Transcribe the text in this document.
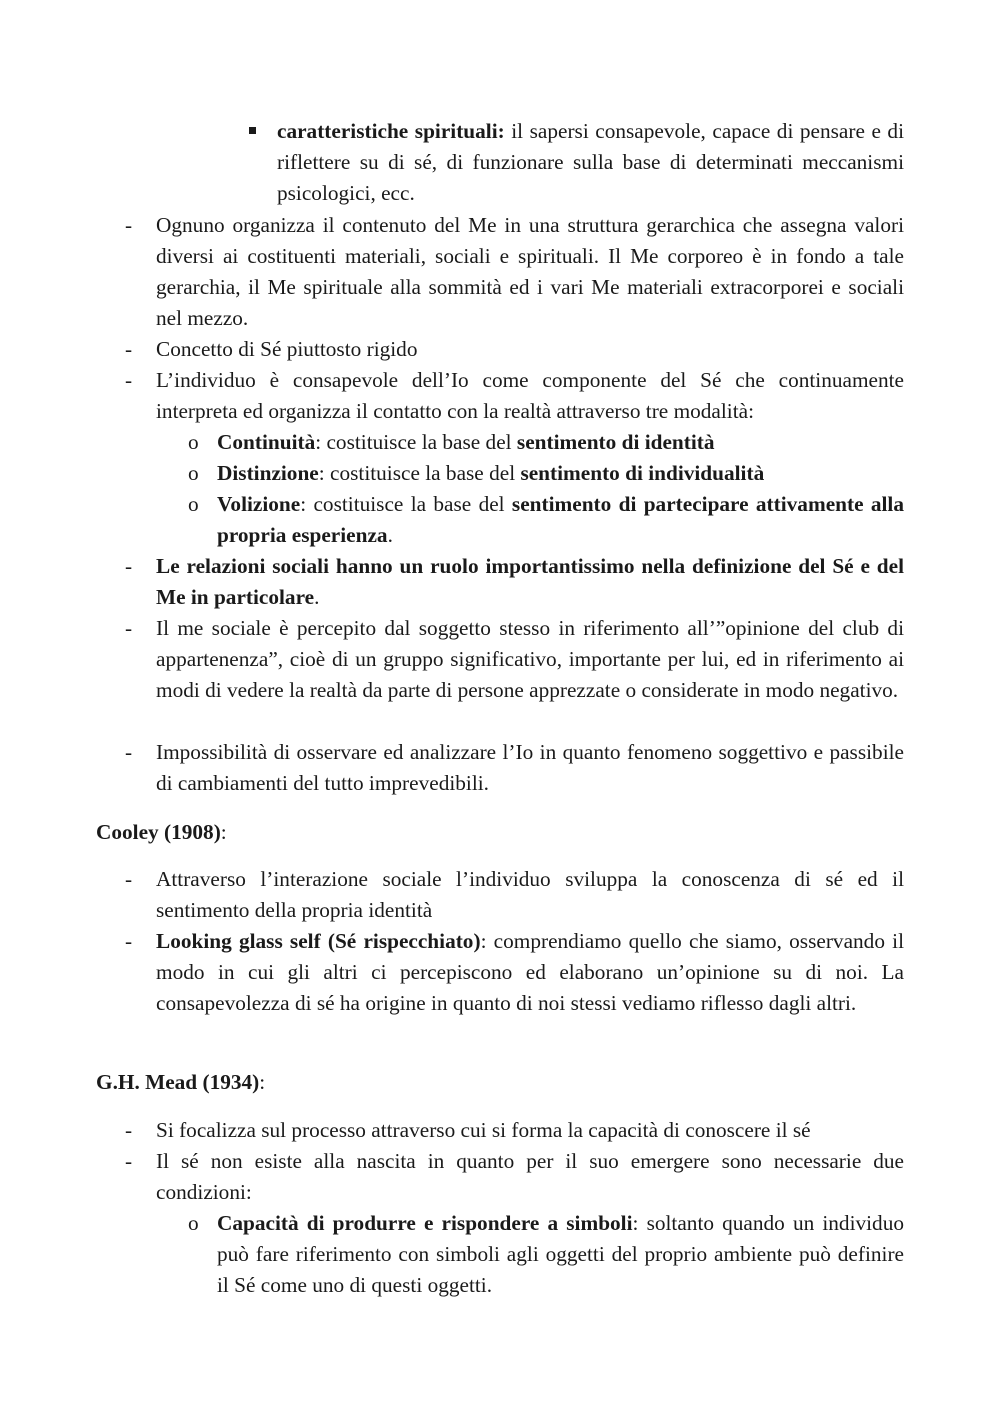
caratteristiche spirituali: il sapersi consapevole, capace di pensare e di riflettere su di sé, di funzionare sulla base di determinati meccanismi psicologici, ecc.
- Ognuno organizza il contenuto del Me in una struttura gerarchica che assegna valori diversi ai costituenti materiali, sociali e spirituali. Il Me corporeo è in fondo a tale gerarchia, il Me spirituale alla sommità ed i vari Me materiali extracorporei e sociali nel mezzo.
- Concetto di Sé piuttosto rigido
- L’individuo è consapevole dell’Io come componente del Sé che continuamente interpreta ed organizza il contatto con la realtà attraverso tre modalità:
o Continuità: costituisce la base del sentimento di identità
o Distinzione: costituisce la base del sentimento di individualità
o Volizione: costituisce la base del sentimento di partecipare attivamente alla propria esperienza.
- Le relazioni sociali hanno un ruolo importantissimo nella definizione del Sé e del Me in particolare.
- Il me sociale è percepito dal soggetto stesso in riferimento all’”opinione del club di appartenenza”, cioè di un gruppo significativo, importante per lui, ed in riferimento ai modi di vedere la realtà da parte di persone apprezzate o considerate in modo negativo.
- Impossibilità di osservare ed analizzare l’Io in quanto fenomeno soggettivo e passibile di cambiamenti del tutto imprevedibili.
Cooley (1908):
- Attraverso l’interazione sociale l’individuo sviluppa la conoscenza di sé ed il sentimento della propria identità
- Looking glass self (Sé rispecchiato): comprendiamo quello che siamo, osservando il modo in cui gli altri ci percepiscono ed elaborano un’opinione su di noi. La consapevolezza di sé ha origine in quanto di noi stessi vediamo riflesso dagli altri.
G.H. Mead (1934):
- Si focalizza sul processo attraverso cui si forma la capacità di conoscere il sé
- Il sé non esiste alla nascita in quanto per il suo emergere sono necessarie due condizioni:
o Capacità di produrre e rispondere a simboli: soltanto quando un individuo può fare riferimento con simboli agli oggetti del proprio ambiente può definire il Sé come uno di questi oggetti.
